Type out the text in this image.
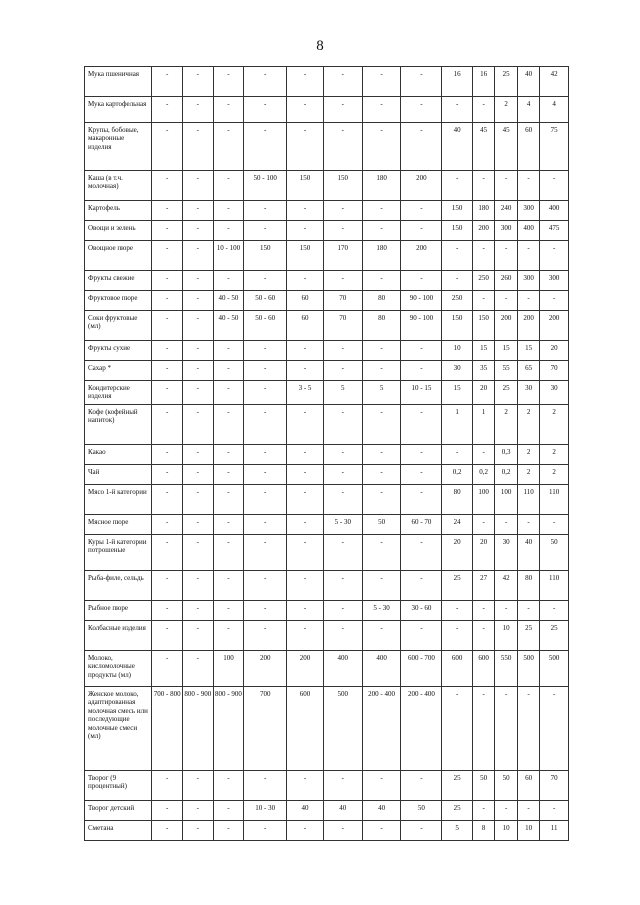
8
Мука пшеничная	-	-	-	-	-	-	-	-	16	16	25	40	42
Мука картофельная	-	-	-	-	-	-	-	-	-	-	2	4	4
Крупы, бобовые, макаронные изделия	-	-	-	-	-	-	-	-	40	45	45	60	75
Каша (в т.ч. молочная)	-	-	-	50 - 100	150	150	180	200	-	-	-	-	-
Картофель	-	-	-	-	-	-	-	-	150	180	240	300	400
Овощи и зелень	-	-	-	-	-	-	-	-	150	200	300	400	475
Овощное пюре	-	-	10 - 100	150	150	170	180	200	-	-	-	-	-
Фрукты свежие	-	-	-	-	-	-	-	-	-	250	260	300	300
Фруктовое пюре	-	-	40 - 50	50 - 60	60	70	80	90 - 100	250	-	-	-	-
Соки фруктовые (мл)	-	-	40 - 50	50 - 60	60	70	80	90 - 100	150	150	200	200	200
Фрукты сухие	-	-	-	-	-	-	-	-	10	15	15	15	20
Сахар *	-	-	-	-	-	-	-	-	30	35	55	65	70
Кондитерские изделия	-	-	-	-	3 - 5	5	5	10 - 15	15	20	25	30	30
Кофе (кофейный напиток)	-	-	-	-	-	-	-	-	1	1	2	2	2
Какао	-	-	-	-	-	-	-	-	-	-	0,3	2	2
Чай	-	-	-	-	-	-	-	-	0,2	0,2	0,2	2	2
Мясо 1-й категории	-	-	-	-	-	-	-	-	80	100	100	110	110
Мясное пюре	-	-	-	-	-	5 - 30	50	60 - 70	24	-	-	-	-
Куры 1-й категории потрошеные	-	-	-	-	-	-	-	-	20	20	30	40	50
Рыба-филе, сельдь	-	-	-	-	-	-	-	-	25	27	42	80	110
Рыбное пюре	-	-	-	-	-	-	5 - 30	30 - 60	-	-	-	-	-
Колбасные изделия	-	-	-	-	-	-	-	-	-	-	10	25	25
Молоко, кисломолочные продукты (мл)	-	-	100	200	200	400	400	600 - 700	600	600	550	500	500
Женское молоко, адаптированная молочная смесь или последующие молочные смеси (мл)	700 - 800	800 - 900	800 - 900	700	600	500	200 - 400	200 - 400	-	-	-	-	-
Творог (9 процентный)	-	-	-	-	-	-	-	-	25	50	50	60	70
Творог детский	-	-	-	10 - 30	40	40	40	50	25	-	-	-	-
Сметана	-	-	-	-	-	-	-	-	5	8	10	10	11
